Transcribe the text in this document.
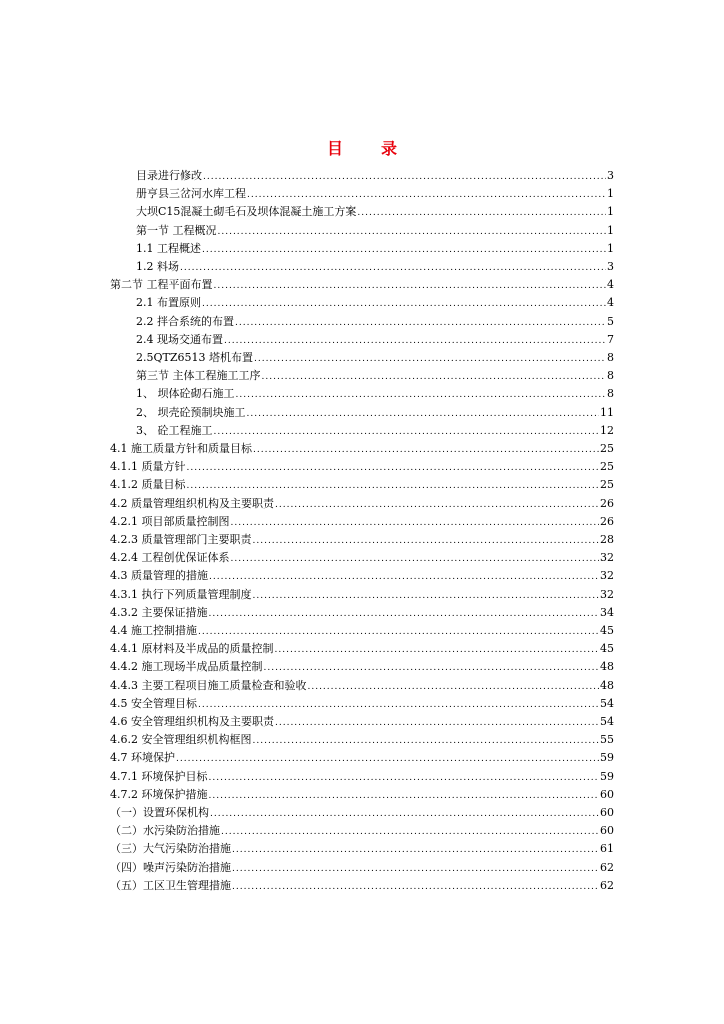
目 录
目录进行修改 .....	3
册亨县三岔河水库工程 .....	1
大坝C15混凝土砌毛石及坝体混凝土施工方案 .....	1
第一节 工程概况 .....	1
1.1 工程概述 .....	1
1.2 料场 .....	3
第二节 工程平面布置 .....	4
2.1 布置原则 .....	4
2.2 拌合系统的布置 .....	5
2.4 现场交通布置 .....	7
2.5QTZ6513 塔机布置 .....	8
第三节 主体工程施工工序 .....	8
1、 坝体砼砌石施工 .....	8
2、 坝壳砼预制块施工 .....	11
3、 砼工程施工 .....	12
4.1 施工质量方针和质量目标 .....	25
4.1.1 质量方针 .....	25
4.1.2 质量目标 .....	25
4.2 质量管理组织机构及主要职责 .....	26
4.2.1 项目部质量控制图 .....	26
4.2.3 质量管理部门主要职责 .....	28
4.2.4 工程创优保证体系 .....	32
4.3 质量管理的措施 .....	32
4.3.1 执行下列质量管理制度 .....	32
4.3.2 主要保证措施 .....	34
4.4 施工控制措施 .....	45
4.4.1 原材料及半成品的质量控制 .....	45
4.4.2 施工现场半成品质量控制 .....	48
4.4.3 主要工程项目施工质量检查和验收 .....	48
4.5 安全管理目标 .....	54
4.6 安全管理组织机构及主要职责 .....	54
4.6.2 安全管理组织机构框图 .....	55
4.7 环境保护 .....	59
4.7.1 环境保护目标 .....	59
4.7.2 环境保护措施 .....	60
（一）设置环保机构 .....	60
（二）水污染防治措施 .....	60
（三）大气污染防治措施 .....	61
（四）噪声污染防治措施 .....	62
（五）工区卫生管理措施 .....	62
